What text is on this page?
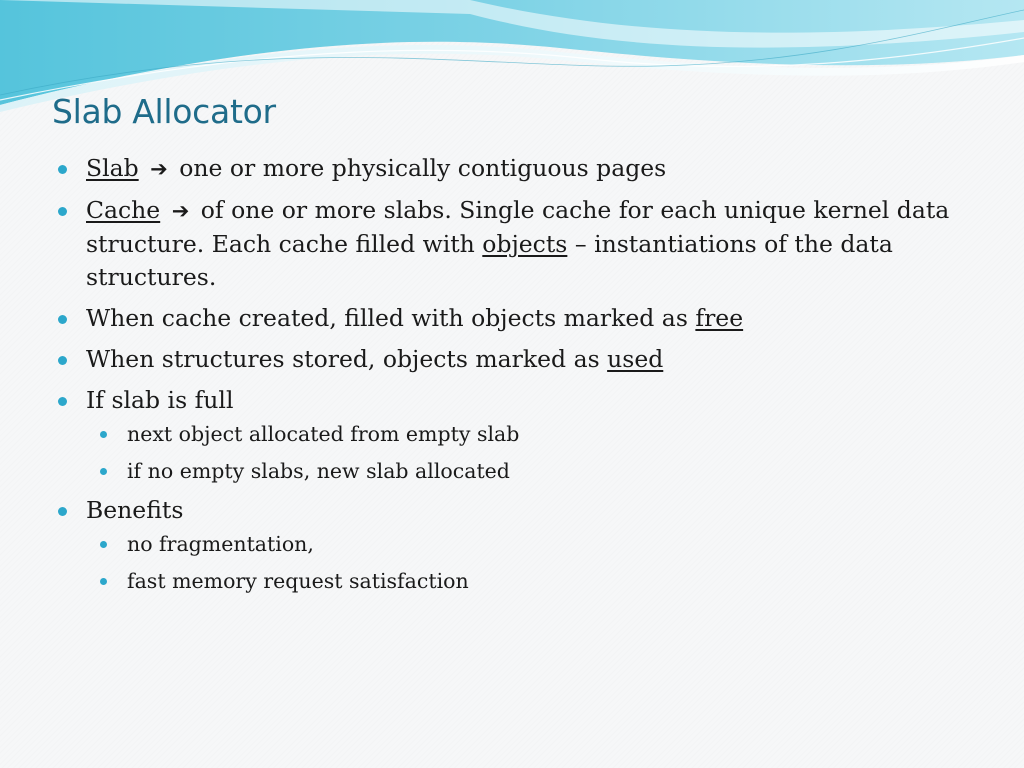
Slab Allocator
Slab ➔ one or more physically contiguous pages
Cache ➔ of one or more slabs. Single cache for each unique kernel data structure. Each cache filled with objects – instantiations of the data structures.
When cache created, filled with objects marked as free
When structures stored, objects marked as used
If slab is full
next object allocated from empty slab
if no empty slabs, new slab allocated
Benefits
no fragmentation,
fast memory request satisfaction
